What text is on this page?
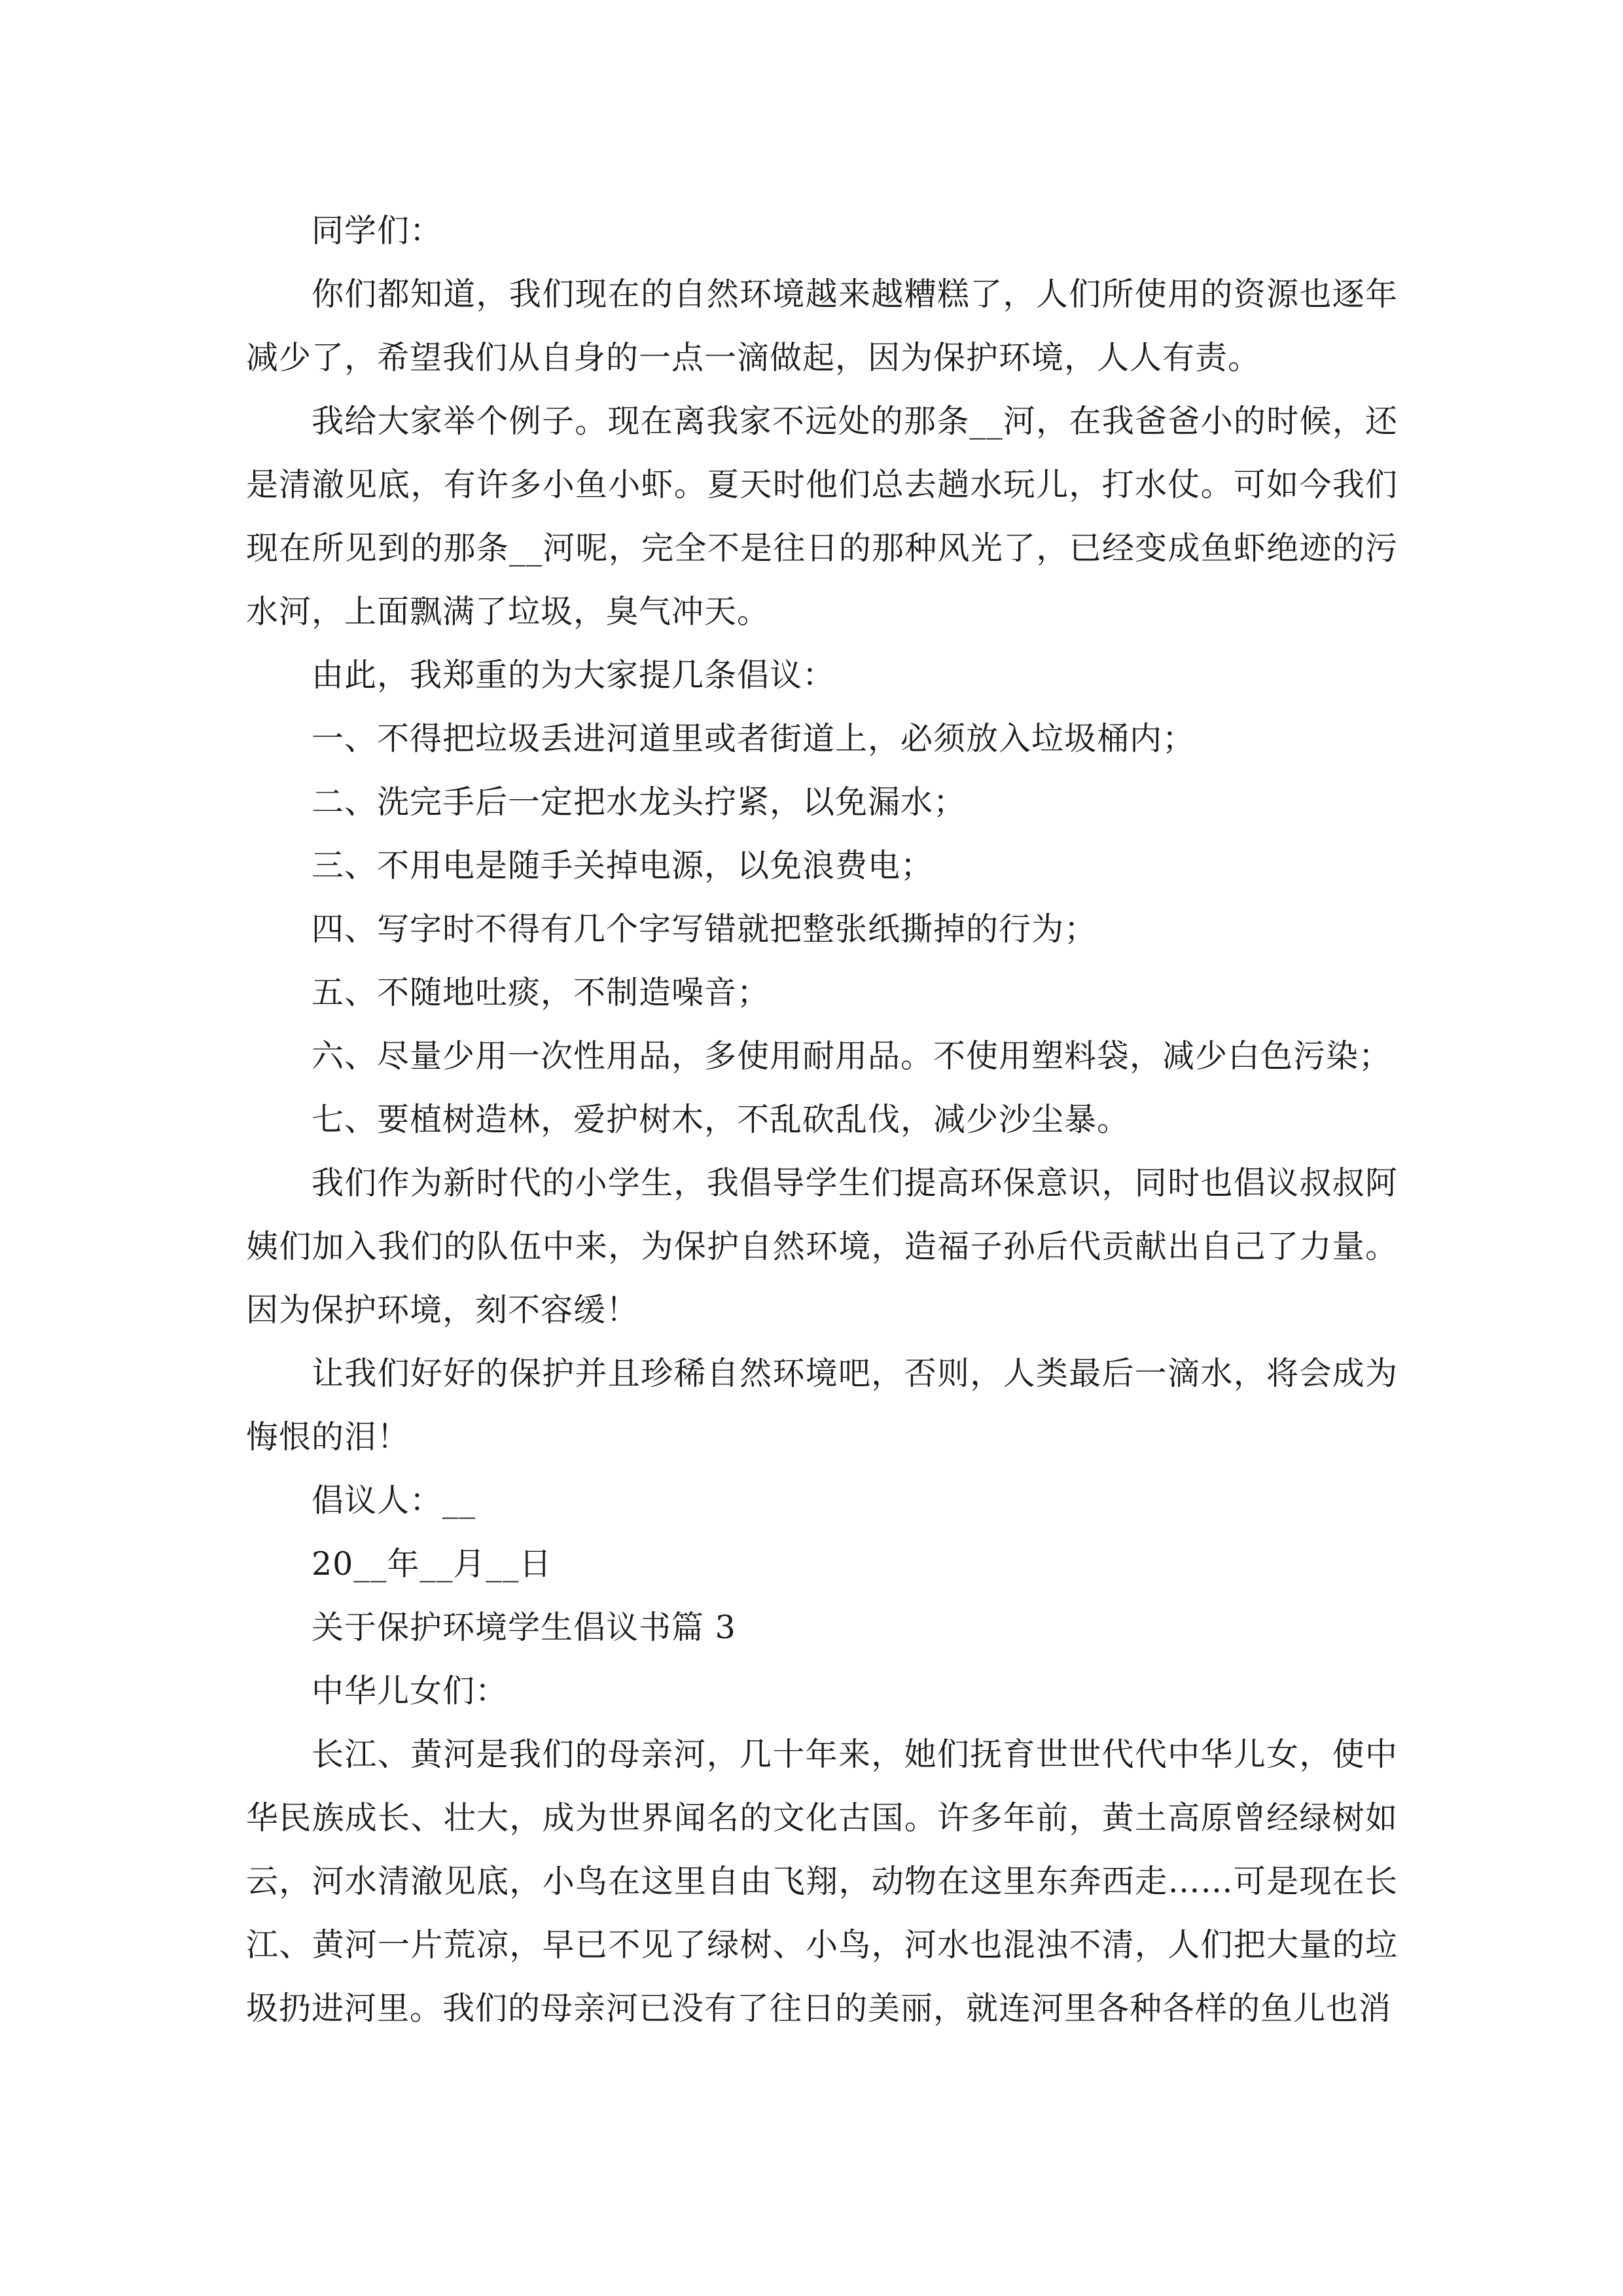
同学们：

你们都知道，我们现在的自然环境越来越糟糕了，人们所使用的资源也逐年减少了，希望我们从自身的一点一滴做起，因为保护环境，人人有责。

我给大家举个例子。现在离我家不远处的那条__河，在我爸爸小的时候，还是清澈见底，有许多小鱼小虾。夏天时他们总去趟水玩儿，打水仗。可如今我们现在所见到的那条__河呢，完全不是往日的那种风光了，已经变成鱼虾绝迹的污水河，上面飘满了垃圾，臭气冲天。

由此，我郑重的为大家提几条倡议：

一、不得把垃圾丢进河道里或者街道上，必须放入垃圾桶内；

二、洗完手后一定把水龙头拧紧，以免漏水；

三、不用电是随手关掉电源，以免浪费电；

四、写字时不得有几个字写错就把整张纸撕掉的行为；

五、不随地吐痰，不制造噪音；

六、尽量少用一次性用品，多使用耐用品。不使用塑料袋，减少白色污染；

七、要植树造林，爱护树木，不乱砍乱伐，减少沙尘暴。

我们作为新时代的小学生，我倡导学生们提高环保意识，同时也倡议叔叔阿姨们加入我们的队伍中来，为保护自然环境，造福子孙后代贡献出自己了力量。因为保护环境，刻不容缓！

让我们好好的保护并且珍稀自然环境吧，否则，人类最后一滴水，将会成为悔恨的泪！

倡议人：__

20__年__月__日

关于保护环境学生倡议书篇 3

中华儿女们：

长江、黄河是我们的母亲河，几十年来，她们抚育世世代代中华儿女，使中华民族成长、壮大，成为世界闻名的文化古国。许多年前，黄土高原曾经绿树如云，河水清澈见底，小鸟在这里自由飞翔，动物在这里东奔西走……可是现在长江、黄河一片荒凉，早已不见了绿树、小鸟，河水也混浊不清，人们把大量的垃圾扔进河里。我们的母亲河已没有了往日的美丽，就连河里各种各样的鱼儿也消
